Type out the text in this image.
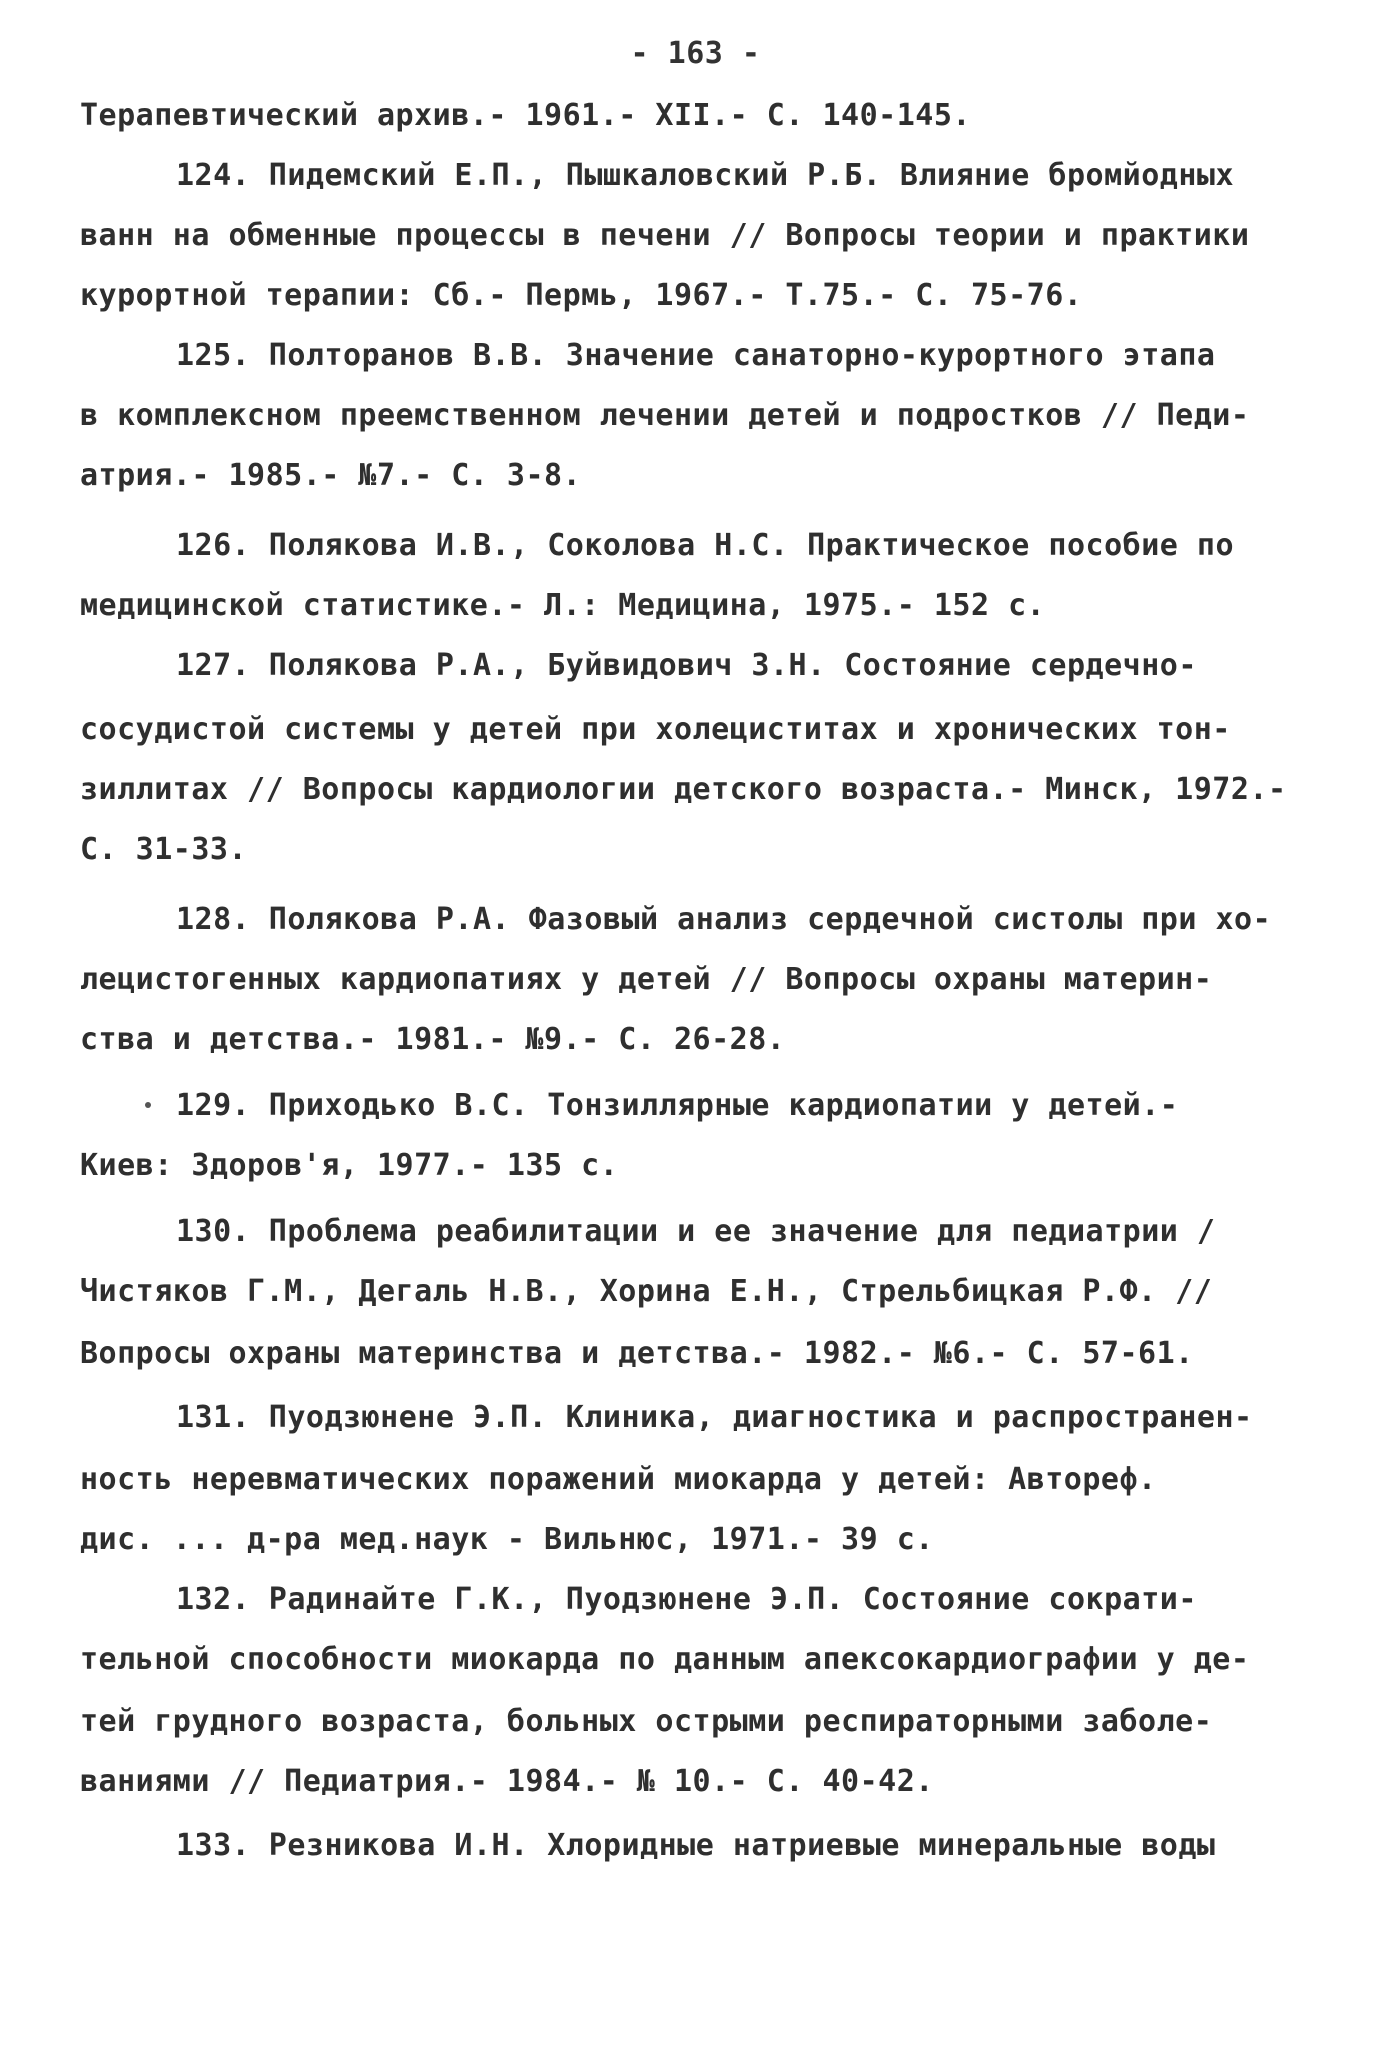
- 163 -
Терапевтический архив.- 1961.- XII.- С. 140-145.
124. Пидемский Е.П., Пышкаловский Р.Б. Влияние бромйодных
ванн на обменные процессы в печени // Вопросы теории и практики
курортной терапии: Сб.- Пермь, 1967.- Т.75.- С. 75-76.
125. Полторанов В.В. Значение санаторно-курортного этапа
в комплексном преемственном лечении детей и подростков // Педи-
атрия.- 1985.- №7.- С. 3-8.
126. Полякова И.В., Соколова Н.С. Практическое пособие по
медицинской статистике.- Л.: Медицина, 1975.- 152 с.
127. Полякова Р.А., Буйвидович З.Н. Состояние сердечно-
сосудистой системы у детей при холециститах и хронических тон-
зиллитах // Вопросы кардиологии детского возраста.- Минск, 1972.-
С. 31-33.
128. Полякова Р.А. Фазовый анализ сердечной систолы при хо-
лецистогенных кардиопатиях у детей // Вопросы охраны материн-
ства и детства.- 1981.- №9.- С. 26-28.
129. Приходько В.С. Тонзиллярные кардиопатии у детей.-
Киев: Здоров'я, 1977.- 135 с.
130. Проблема реабилитации и ее значение для педиатрии /
Чистяков Г.М., Дегаль Н.В., Хорина Е.Н., Стрельбицкая Р.Ф. //
Вопросы охраны материнства и детства.- 1982.- №6.- С. 57-61.
131. Пуодзюнене Э.П. Клиника, диагностика и распространен-
ность неревматических поражений миокарда у детей: Автореф.
дис. ... д-ра мед.наук - Вильнюс, 1971.- 39 с.
132. Радинайте Г.К., Пуодзюнене Э.П. Состояние сократи-
тельной способности миокарда по данным апексокардиографии у де-
тей грудного возраста, больных острыми респираторными заболе-
ваниями // Педиатрия.- 1984.- № 10.- С. 40-42.
133. Резникова И.Н. Хлоридные натриевые минеральные воды
